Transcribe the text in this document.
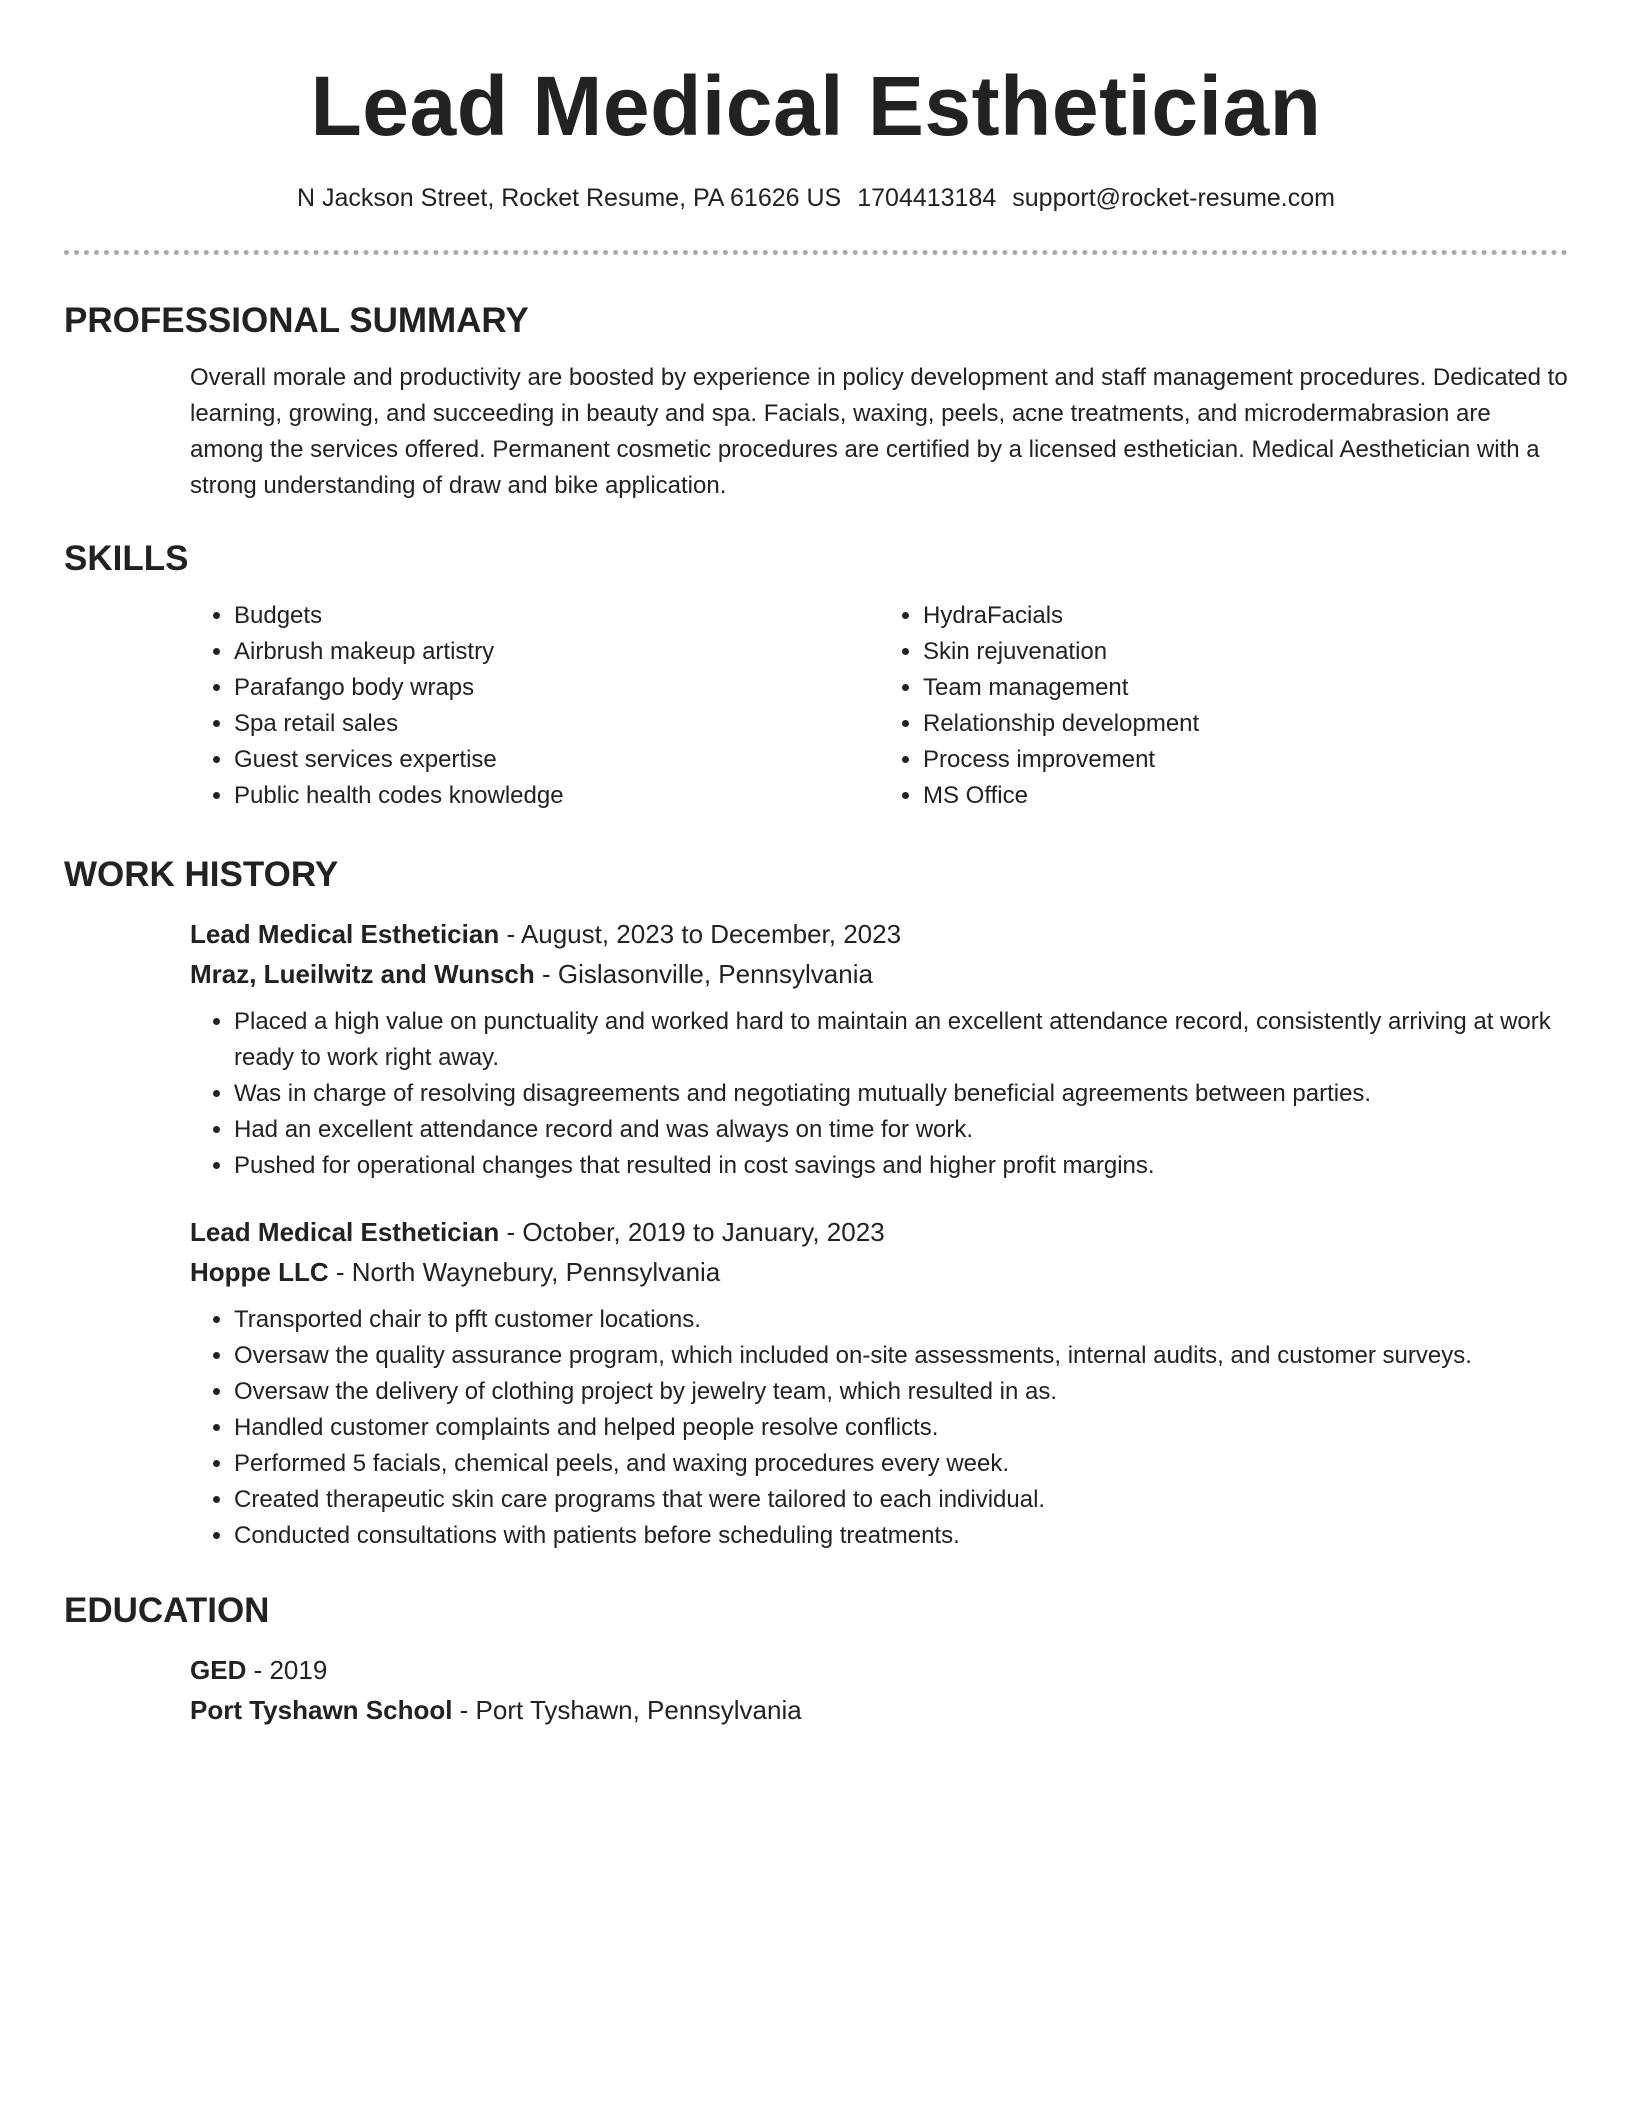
Lead Medical Esthetician
N Jackson Street, Rocket Resume, PA 61626 US 1704413184 support@rocket-resume.com
PROFESSIONAL SUMMARY

Overall morale and productivity are boosted by experience in policy development and staff management procedures. Dedicated to learning, growing, and succeeding in beauty and spa. Facials, waxing, peels, acne treatments, and microdermabrasion are among the services offered. Permanent cosmetic procedures are certified by a licensed esthetician. Medical Aesthetician with a strong understanding of draw and bike application.

SKILLS
• Budgets
• Airbrush makeup artistry
• Parafango body wraps
• Spa retail sales
• Guest services expertise
• Public health codes knowledge
• HydraFacials
• Skin rejuvenation
• Team management
• Relationship development
• Process improvement
• MS Office
WORK HISTORY
Lead Medical Esthetician - August, 2023 to December, 2023
Mraz, Lueilwitz and Wunsch - Gislasonville, Pennsylvania
• Placed a high value on punctuality and worked hard to maintain an excellent attendance record, consistently arriving at work ready to work right away.
• Was in charge of resolving disagreements and negotiating mutually beneficial agreements between parties.
• Had an excellent attendance record and was always on time for work.
• Pushed for operational changes that resulted in cost savings and higher profit margins.
Lead Medical Esthetician - October, 2019 to January, 2023
Hoppe LLC - North Waynebury, Pennsylvania
• Transported chair to pfft customer locations.
• Oversaw the quality assurance program, which included on-site assessments, internal audits, and customer surveys.
• Oversaw the delivery of clothing project by jewelry team, which resulted in as.
• Handled customer complaints and helped people resolve conflicts.
• Performed 5 facials, chemical peels, and waxing procedures every week.
• Created therapeutic skin care programs that were tailored to each individual.
• Conducted consultations with patients before scheduling treatments.
EDUCATION
GED - 2019
Port Tyshawn School - Port Tyshawn, Pennsylvania
